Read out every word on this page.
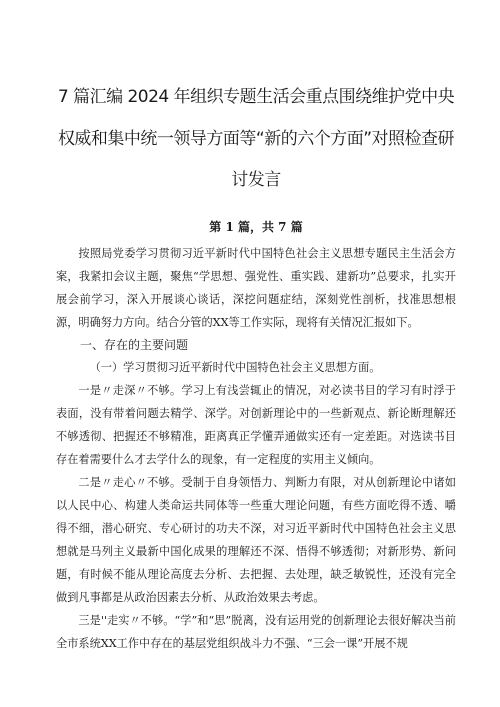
7 篇汇编 2024 年组织专题生活会重点围绕维护党中央
权威和集中统一领导方面等“新的六个方面”对照检查研
讨发言
第 1 篇，共 7 篇

按照局党委学习贯彻习近平新时代中国特色社会主义思想专题民主生活会方案，我紧扣会议主题，聚焦“学思想、强党性、重实践、建新功”总要求，扎实开展会前学习，深入开展谈心谈话，深挖问题症结，深刻党性剖析，找准思想根源，明确努力方向。结合分管的XX等工作实际，现将有关情况汇报如下。

一、存在的主要问题

（一）学习贯彻习近平新时代中国特色社会主义思想方面。

一是〃走深〃不够。学习上有浅尝辄止的情况，对必读书目的学习有时浮于表面，没有带着问题去精学、深学。对创新理论中的一些新观点、新论断理解还不够透彻、把握还不够精准，距离真正学懂弄通做实还有一定差距。对选读书目存在着需要什么才去学什么的现象，有一定程度的实用主义倾向。

二是〃走心〃不够。受制于自身领悟力、判断力有限，对从创新理论中诸如以人民中心、构建人类命运共同体等一些重大理论问题，有些方面吃得不透、嚼得不细，潜心研究、专心研讨的功夫不深，对习近平新时代中国特色社会主义思想就是马列主义最新中国化成果的理解还不深、悟得不够透彻；对新形势、新问题，有时候不能从理论高度去分析、去把握、去处理，缺乏敏锐性，还没有完全做到凡事都是从政治因素去分析、从政治效果去考虑。

三是''走实〃不够。“学”和“思”脱离，没有运用党的创新理论去很好解决当前全市系统XX工作中存在的基层党组织战斗力不强、“三会一课”开展不规
